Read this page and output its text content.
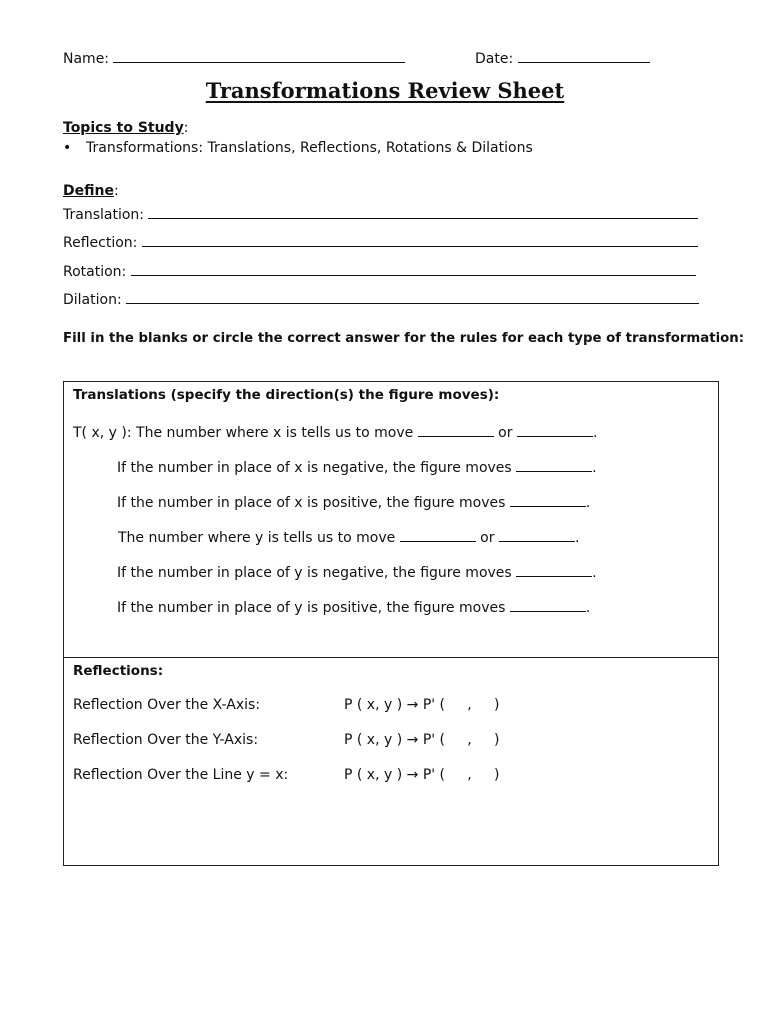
Name:	Date:
Transformations Review Sheet
Topics to Study:
• Transformations: Translations, Reflections, Rotations & Dilations
Define:
Translation:
Reflection:
Rotation:
Dilation:
Fill in the blanks or circle the correct answer for the rules for each type of transformation:
Translations (specify the direction(s) the figure moves):
T( x, y ): The number where x is tells us to move	or	.
If the number in place of x is negative, the figure moves	.
If the number in place of x is positive, the figure moves	.
The number where y is tells us to move	or	.
If the number in place of y is negative, the figure moves	.
If the number in place of y is positive, the figure moves	.
Reflections:
Reflection Over the X-Axis:	P ( x, y ) → P' (     ,     )
Reflection Over the Y-Axis:	P ( x, y ) → P' (     ,     )
Reflection Over the Line y = x:	P ( x, y ) → P' (     ,     )
